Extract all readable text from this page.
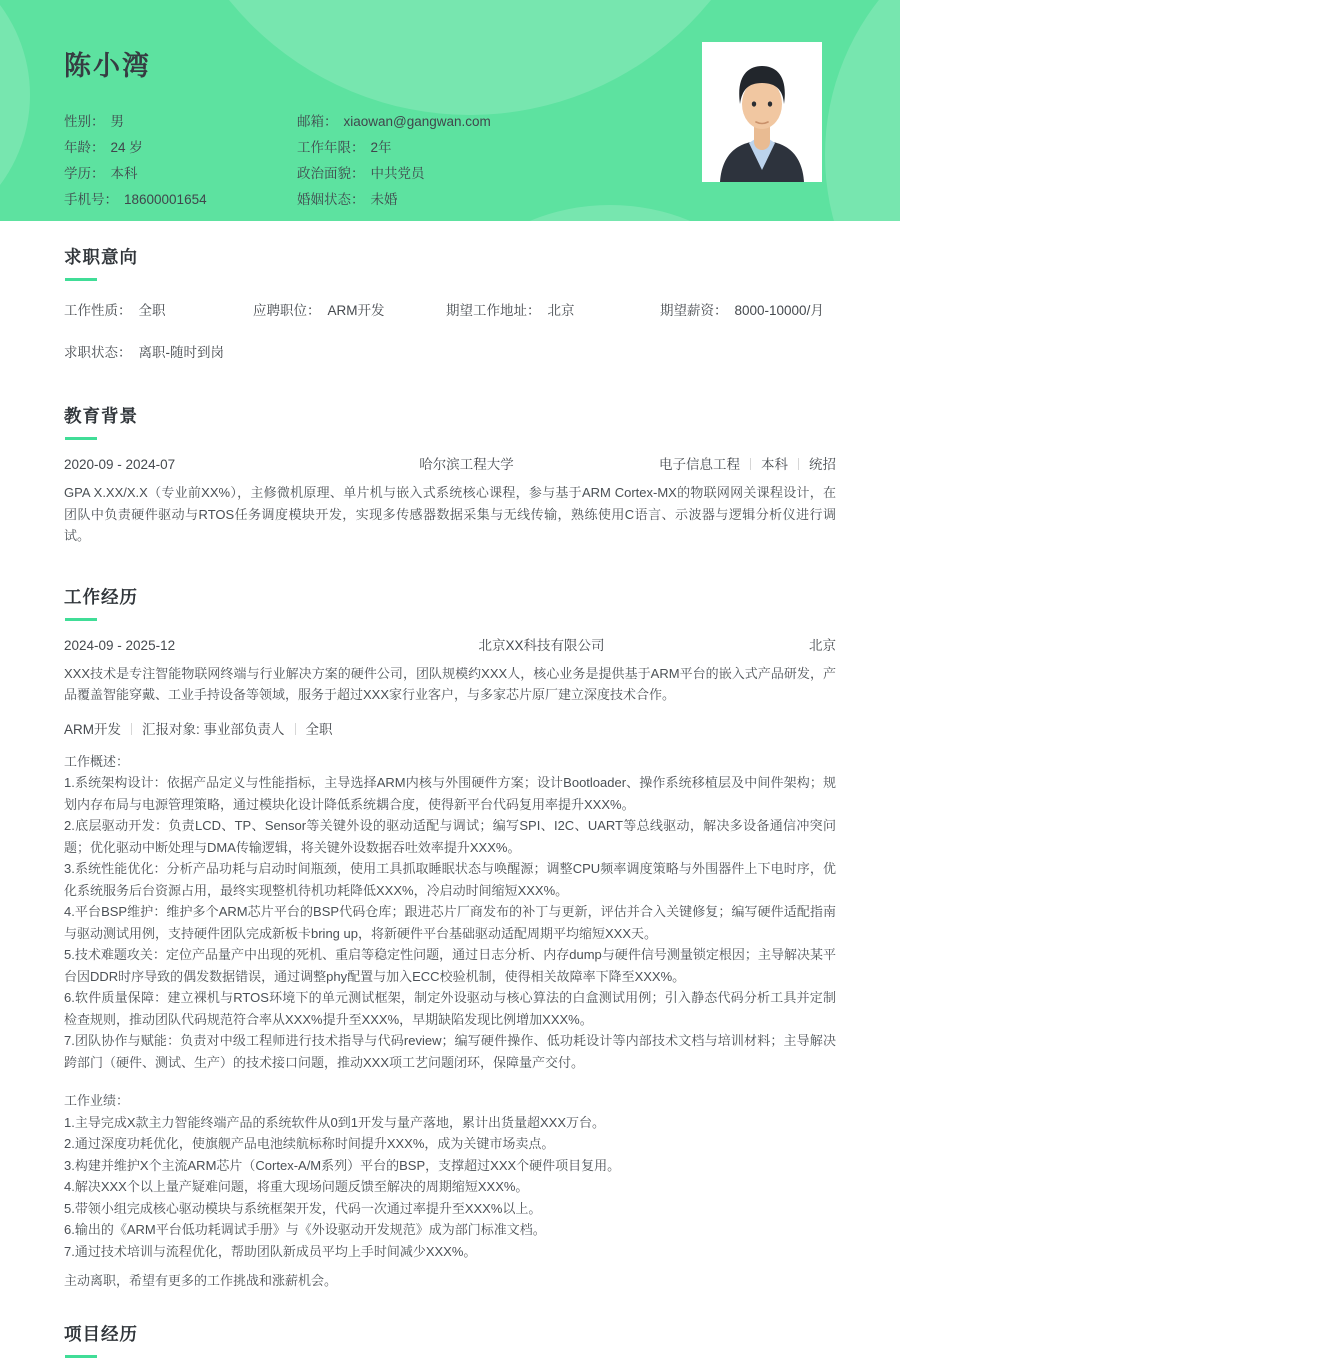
陈小湾
性别： 男
年龄： 24 岁
学历： 本科
手机号： 18600001654
邮箱： xiaowan@gangwan.com
工作年限： 2年
政治面貌： 中共党员
婚姻状态： 未婚
求职意向
工作性质： 全职	应聘职位： ARM开发	期望工作地址： 北京	期望薪资： 8000-10000/月
求职状态： 离职-随时到岗
教育背景
2020-09 - 2024-07	哈尔滨工程大学	电子信息工程 本科 统招
GPA X.XX/X.X（专业前XX%），主修微机原理、单片机与嵌入式系统核心课程，参与基于ARM Cortex-MX的物联网网关课程设计，在团队中负责硬件驱动与RTOS任务调度模块开发，实现多传感器数据采集与无线传输，熟练使用C语言、示波器与逻辑分析仪进行调试。
工作经历
2024-09 - 2025-12	北京XX科技有限公司	北京
XXX技术是专注智能物联网终端与行业解决方案的硬件公司，团队规模约XXX人，核心业务是提供基于ARM平台的嵌入式产品研发，产品覆盖智能穿戴、工业手持设备等领域，服务于超过XXX家行业客户，与多家芯片原厂建立深度技术合作。
ARM开发 汇报对象: 事业部负责人 全职
工作概述：
1.系统架构设计：依据产品定义与性能指标，主导选择ARM内核与外围硬件方案；设计Bootloader、操作系统移植层及中间件架构；规划内存布局与电源管理策略，通过模块化设计降低系统耦合度，使得新平台代码复用率提升XXX%。
2.底层驱动开发：负责LCD、TP、Sensor等关键外设的驱动适配与调试；编写SPI、I2C、UART等总线驱动，解决多设备通信冲突问题；优化驱动中断处理与DMA传输逻辑，将关键外设数据吞吐效率提升XXX%。
3.系统性能优化：分析产品功耗与启动时间瓶颈，使用工具抓取睡眠状态与唤醒源；调整CPU频率调度策略与外围器件上下电时序，优化系统服务后台资源占用，最终实现整机待机功耗降低XXX%，冷启动时间缩短XXX%。
4.平台BSP维护：维护多个ARM芯片平台的BSP代码仓库；跟进芯片厂商发布的补丁与更新，评估并合入关键修复；编写硬件适配指南与驱动测试用例，支持硬件团队完成新板卡bring up，将新硬件平台基础驱动适配周期平均缩短XXX天。
5.技术难题攻关：定位产品量产中出现的死机、重启等稳定性问题，通过日志分析、内存dump与硬件信号测量锁定根因；主导解决某平台因DDR时序导致的偶发数据错误，通过调整phy配置与加入ECC校验机制，使得相关故障率下降至XXX%。
6.软件质量保障：建立裸机与RTOS环境下的单元测试框架，制定外设驱动与核心算法的白盒测试用例；引入静态代码分析工具并定制检查规则，推动团队代码规范符合率从XXX%提升至XXX%，早期缺陷发现比例增加XXX%。
7.团队协作与赋能：负责对中级工程师进行技术指导与代码review；编写硬件操作、低功耗设计等内部技术文档与培训材料；主导解决跨部门（硬件、测试、生产）的技术接口问题，推动XXX项工艺问题闭环，保障量产交付。
工作业绩：
1.主导完成X款主力智能终端产品的系统软件从0到1开发与量产落地，累计出货量超XXX万台。
2.通过深度功耗优化，使旗舰产品电池续航标称时间提升XXX%，成为关键市场卖点。
3.构建并维护X个主流ARM芯片（Cortex-A/M系列）平台的BSP，支撑超过XXX个硬件项目复用。
4.解决XXX个以上量产疑难问题，将重大现场问题反馈至解决的周期缩短XXX%。
5.带领小组完成核心驱动模块与系统框架开发，代码一次通过率提升至XXX%以上。
6.输出的《ARM平台低功耗调试手册》与《外设驱动开发规范》成为部门标准文档。
7.通过技术培训与流程优化，帮助团队新成员平均上手时间减少XXX%。
主动离职，希望有更多的工作挑战和涨薪机会。
项目经历
